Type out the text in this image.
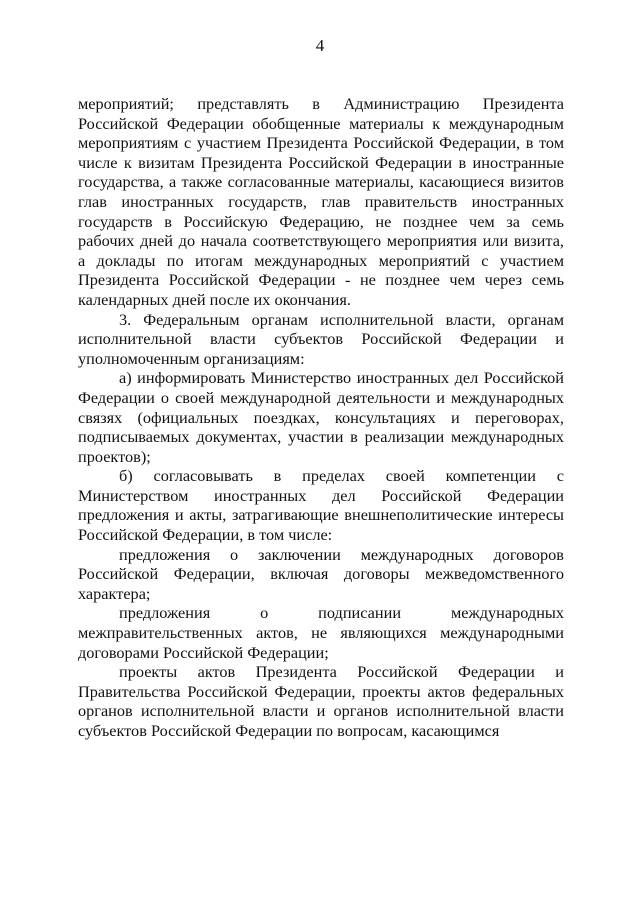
4

мероприятий; представлять в Администрацию Президента Российской Федерации обобщенные материалы к международным мероприятиям с участием Президента Российской Федерации, в том числе к визитам Президента Российской Федерации в иностранные государства, а также согласованные материалы, касающиеся визитов глав иностранных государств, глав правительств иностранных государств в Российскую Федерацию, не позднее чем за семь рабочих дней до начала соответствующего мероприятия или визита, а доклады по итогам международных мероприятий с участием Президента Российской Федерации - не позднее чем через семь календарных дней после их окончания.

3. Федеральным органам исполнительной власти, органам исполнительной власти субъектов Российской Федерации и уполномоченным организациям:

а) информировать Министерство иностранных дел Российской Федерации о своей международной деятельности и международных связях (официальных поездках, консультациях и переговорах, подписываемых документах, участии в реализации международных проектов);

б) согласовывать в пределах своей компетенции с Министерством иностранных дел Российской Федерации предложения и акты, затрагивающие внешнеполитические интересы Российской Федерации, в том числе:

предложения о заключении международных договоров Российской Федерации, включая договоры межведомственного характера;

предложения о подписании международных межправительственных актов, не являющихся международными договорами Российской Федерации;

проекты актов Президента Российской Федерации и Правительства Российской Федерации, проекты актов федеральных органов исполнительной власти и органов исполнительной власти субъектов Российской Федерации по вопросам, касающимся
